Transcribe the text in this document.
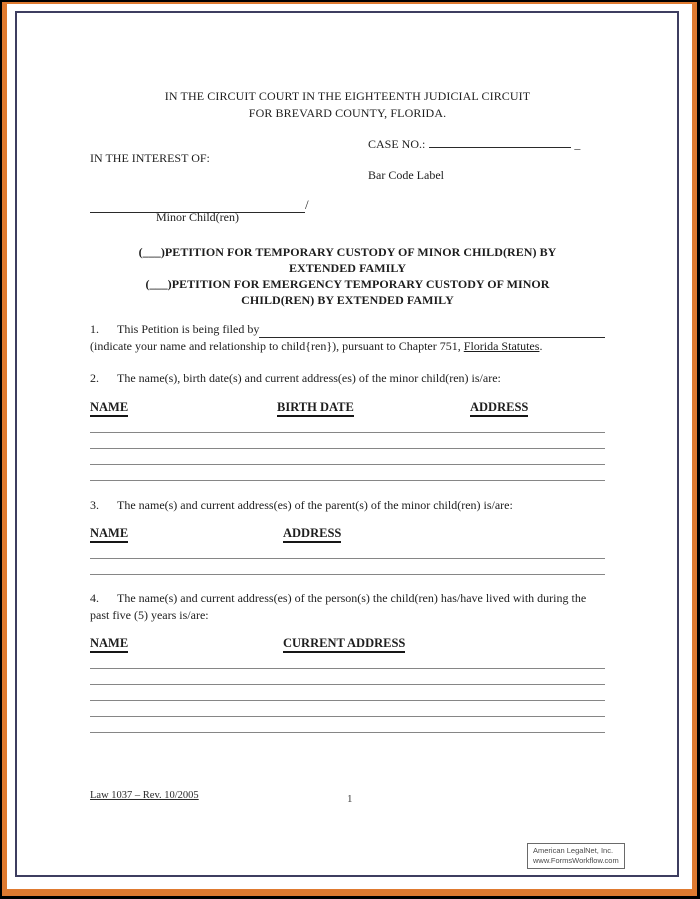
IN THE CIRCUIT COURT IN THE EIGHTEENTH JUDICIAL CIRCUIT
FOR BREVARD COUNTY, FLORIDA.
CASE NO.:	_
IN THE INTEREST OF:
Bar Code Label
/
Minor Child(ren)
(___)PETITION FOR TEMPORARY CUSTODY OF MINOR CHILD(REN) BY
EXTENDED FAMILY
(___)PETITION FOR EMERGENCY TEMPORARY CUSTODY OF MINOR
CHILD(REN) BY EXTENDED FAMILY
1.	This Petition is being filed by
(indicate your name and relationship to child{ren}), pursuant to Chapter 751, Florida Statutes.
2. The name(s), birth date(s) and current address(es) of the minor child(ren) is/are:
NAME	BIRTH DATE	ADDRESS
3. The name(s) and current address(es) of the parent(s) of the minor child(ren) is/are:
NAME	ADDRESS
4. The name(s) and current address(es) of the person(s) the child(ren) has/have lived with during the past five (5) years is/are:
NAME	CURRENT ADDRESS
Law 1037 – Rev. 10/2005	1
American LegalNet, Inc.
www.FormsWorkflow.com
